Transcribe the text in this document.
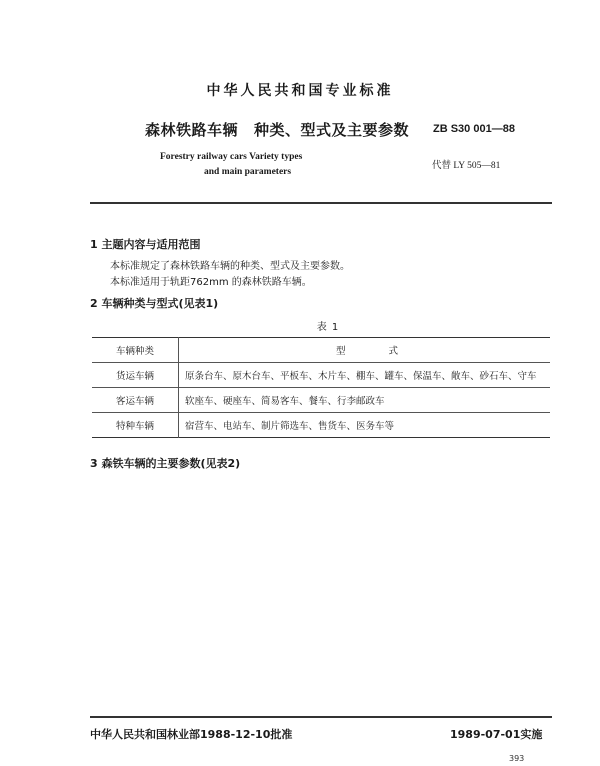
中华人民共和国专业标准
森林铁路车辆 种类、型式及主要参数 ZB S30 001—88
Forestry railway cars Variety types
and main parameters
代替 LY 505—81
1 主题内容与适用范围
本标准规定了森林铁路车辆的种类、型式及主要参数。
本标准适用于轨距762mm 的森林铁路车辆。
2 车辆种类与型式(见表1)
表 1
车辆种类	型　　　　式
货运车辆	原条台车、原木台车、平板车、木片车、棚车、罐车、保温车、敞车、砂石车、守车
客运车辆	软座车、硬座车、简易客车、餐车、行李邮政车
特种车辆	宿营车、电站车、制片筛选车、售货车、医务车等
3 森铁车辆的主要参数(见表2)
中华人民共和国林业部1988-12-10批准	1989-07-01实施
393
